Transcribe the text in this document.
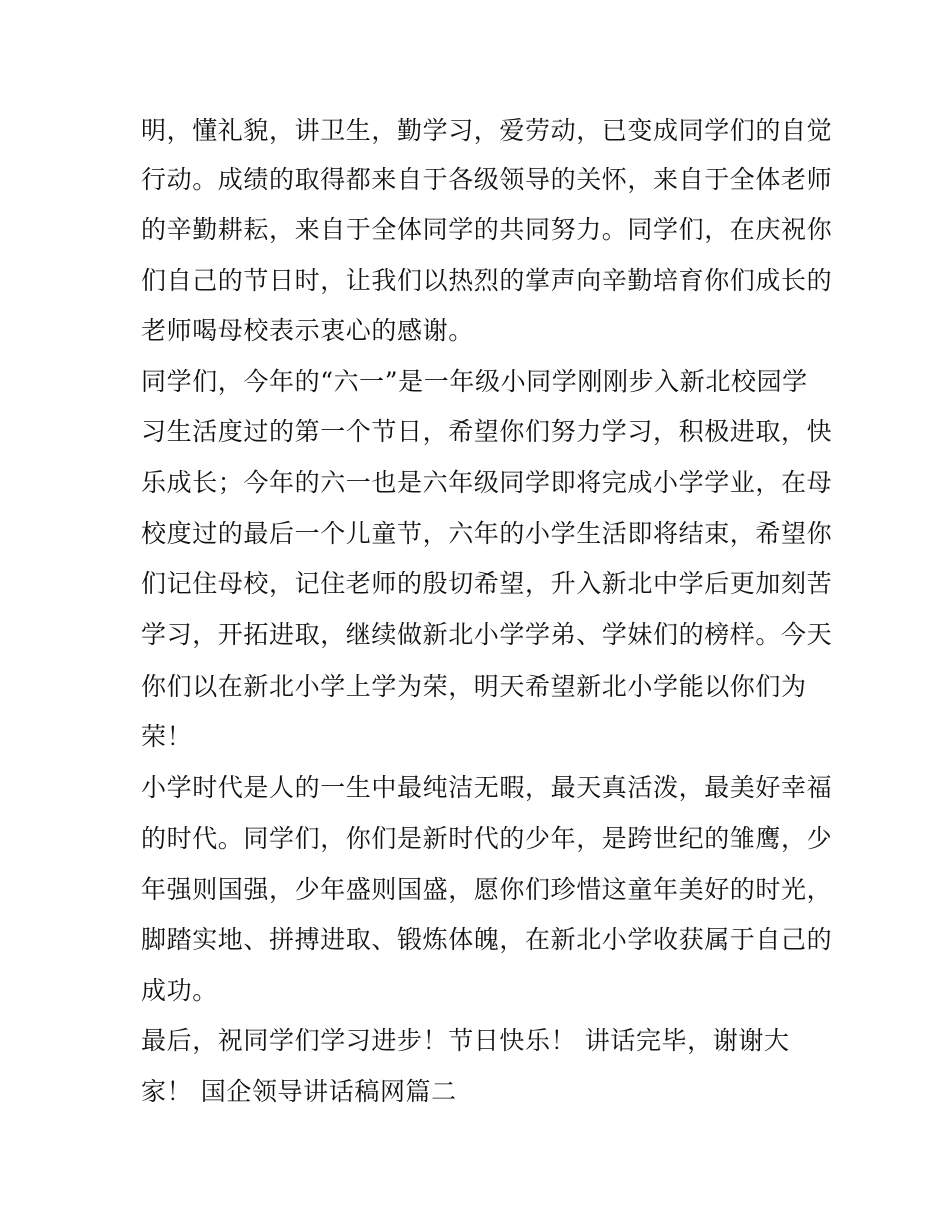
明，懂礼貌，讲卫生，勤学习，爱劳动，已变成同学们的自觉
行动。成绩的取得都来自于各级领导的关怀，来自于全体老师
的辛勤耕耘，来自于全体同学的共同努力。同学们，在庆祝你
们自己的节日时，让我们以热烈的掌声向辛勤培育你们成长的
老师喝母校表示衷心的感谢。
同学们，今年的“六一”是一年级小同学刚刚步入新北校园学
习生活度过的第一个节日，希望你们努力学习，积极进取，快
乐成长；今年的六一也是六年级同学即将完成小学学业，在母
校度过的最后一个儿童节，六年的小学生活即将结束，希望你
们记住母校，记住老师的殷切希望，升入新北中学后更加刻苦
学习，开拓进取，继续做新北小学学弟、学妹们的榜样。今天
你们以在新北小学上学为荣，明天希望新北小学能以你们为
荣！
小学时代是人的一生中最纯洁无暇，最天真活泼，最美好幸福
的时代。同学们，你们是新时代的少年，是跨世纪的雏鹰，少
年强则国强，少年盛则国盛，愿你们珍惜这童年美好的时光，
脚踏实地、拼搏进取、锻炼体魄，在新北小学收获属于自己的
成功。
最后，祝同学们学习进步！节日快乐！ 讲话完毕，谢谢大
家！ 国企领导讲话稿网篇二
